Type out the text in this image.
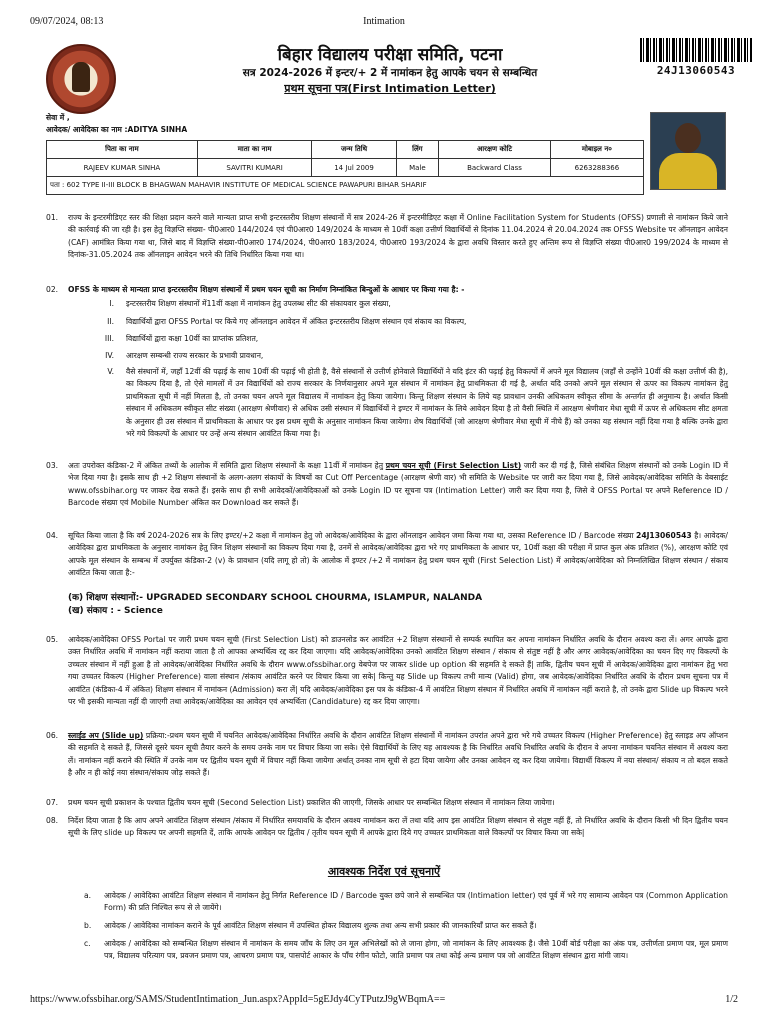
09/07/2024, 08:13	Intimation
बिहार विद्यालय परीक्षा समिति, पटना
सत्र 2024-2026 में इन्टर/+ 2 में नामांकन हेतु आपके चयन से सम्बन्धित
प्रथम सूचना पत्र(First Intimation Letter)
24J13060543
सेवा में ,
आवेदक/ आवेदिका का नाम :ADITYA SINHA
पिता का नाम	माता का नाम	जन्म तिथि	लिंग	आरक्षण कोटि	मोबाइल न०
RAJEEV KUMAR SINHA	SAVITRI KUMARI	14 Jul 2009	Male	Backward Class	6263288366
पता : 602 TYPE II-III BLOCK B BHAGWAN MAHAVIR INSTITUTE OF MEDICAL SCIENCE PAWAPURI BIHAR SHARIF					
01. राज्य के इन्टरमीडिएट स्तर की शिक्षा प्रदान करने वाले मान्यता प्राप्त सभी इन्टरस्तरीय शिक्षण संस्थानों में सत्र 2024-26 में इन्टरमीडिएट कक्षा में Online Facilitation System for Students (OFSS) प्रणाली से नामांकन किये जाने की कार्रवाई की जा रही है। इस हेतु विज्ञप्ति संख्या- पी0आर0 144/2024 एवं पी0आर0 149/2024 के माध्यम से 10वीं कक्षा उत्तीर्ण विद्यार्थियों से दिनांक 11.04.2024 से 20.04.2024 तक OFSS Website पर ऑनलाइन आवेदन (CAF) आमंत्रित किया गया था, जिसे बाद में विज्ञप्ति संख्या-पी0आर0 174/2024, पी0आर0 183/2024, पी0आर0 193/2024 के द्वारा अवधि विस्तार करते हुए अन्तिम रूप से विज्ञप्ति संख्या पी0आर0 199/2024 के माध्यम से दिनांक-31.05.2024 तक ऑनलाइन आवेदन भरने की तिथि निर्धारित किया गया था।
02. OFSS के माध्यम से मान्यता प्राप्त इन्टरस्तरीय शिक्षण संस्थानों में प्रथम चयन सूची का निर्माण निम्नांकित बिन्दुओं के आधार पर किया गया है: -
I. इन्टरस्तरीय शिक्षण संस्थानों में11वीं कक्षा में नामांकन हेतु उपलब्ध सीट की संकायवार कुल संख्या,
II. विद्यार्थियों द्वारा OFSS Portal पर किये गए ऑनलाइन आवेदन में अंकित इन्टरस्तरीय शिक्षण संस्थान एवं संकाय का विकल्प,
III. विद्यार्थियों द्वारा कक्षा 10वीं का प्राप्तांक प्रतिशत,
IV. आरक्षण सम्बन्धी राज्य सरकार के प्रभावी प्रावधान,
V. वैसे संस्थानों में, जहाँ 12वीं की पढ़ाई के साथ 10वीं की पढ़ाई भी होती है, वैसे संस्थानों से उत्तीर्ण होनेवाले विद्यार्थियों ने यदि इंटर की पढ़ाई हेतु विकल्पों में अपने मूल विद्यालय (जहाँ से उन्होंने 10वीं की कक्षा उत्तीर्ण की है), का विकल्प दिया है, तो ऐसे मामलों में उन विद्यार्थियों को राज्य सरकार के निर्णयानुसार अपने मूल संस्थान में नामांकन हेतु प्राथमिकता दी गई है, अर्थात यदि उनको अपने मूल संस्थान से ऊपर का विकल्प नामांकन हेतु प्राथमिकता सूची में नहीं मिलता है, तो उनका चयन अपने मूल विद्यालय में नामांकन हेतु किया जायेगा। किन्तु शिक्षण संस्थान के लिये यह प्रावधान उनकी अधिकतम स्वीकृत सीमा के अन्तर्गत ही अनुमान्य है। अर्थात किसी संस्थान में अधिकतम स्वीकृत सीट संख्या (आरक्षण श्रेणीवार) से अधिक उसी संस्थान में विद्यार्थियों ने इण्टर में नामांकन के लिये आवेदन दिया है तो वैसी स्थिति में आरक्षण श्रेणीवार मेधा सूची में ऊपर से अधिकतम सीट क्षमता के अनुसार ही उस संस्थान में प्राथमिकता के आधार पर इस प्रथम सूची के अनुसार नामांकन किया जायेगा। शेष विद्यार्थियों (जो आरक्षण श्रेणीवार मेधा सूची में नीचे हैं) को उनका यह संस्थान नहीं दिया गया है बल्कि उनके द्वारा भरे गये विकल्पों के आधार पर उन्हें अन्य संस्थान आवंटित किया गया है।
03. अतः उपरोक्त कंडिका-2 में अंकित तथ्यों के आलोक में समिति द्वारा शिक्षण संस्थानों के कक्षा 11वीं में नामांकन हेतु प्रथम चयन सूची (First Selection List) जारी कर दी गई है, जिसे संबंधित शिक्षण संस्थानों को उनके Login ID में भेज दिया गया है। इसके साथ ही +2 शिक्षण संस्थानों के अलग-अलग संकायों के विषयों का Cut Off Percentage (आरक्षण श्रेणी वार) भी समिति के Website पर जारी कर दिया गया है, जिसे आवेदक/आवेदिका समिति के वेबसाईट www.ofssbihar.org पर जाकर देख सकते हैं। इसके साथ ही सभी आवेदकों/आवेदिकाओं को उनके Login ID पर सूचना पत्र (Intimation Letter) जारी कर दिया गया है, जिसे वे OFSS Portal पर अपने Reference ID / Barcode संख्या एवं Mobile Number अंकित कर Download कर सकते हैं।
04. सूचित किया जाता है कि वर्ष 2024-2026 सत्र के लिए इण्टर/+2 कक्षा में नामांकन हेतु जो आवेदक/आवेदिका के द्वारा ऑनलाइन आवेदन जमा किया गया था, उसका Reference ID / Barcode संख्या 24J13060543 है। आवेदक/आवेदिका द्वारा प्राथमिकता के अनुसार नामांकन हेतु जिन शिक्षण संस्थानों का विकल्प दिया गया है, उनमें से आवेदक/आवेदिका द्वारा भरे गए प्राथमिकता के आधार पर, 10वीं कक्षा की परीक्षा में प्राप्त कुल अंक प्रतिशत (%), आरक्षण कोटि एवं आपके मूल संस्थान के सम्बन्ध में उपर्युक्त कंडिका-2 (v) के प्रावधान (यदि लागू हो तो) के आलोक में इण्टर /+2 में नामांकन हेतु प्रथम चयन सूची (First Selection List) में आवेदक/आवेदिका को निम्नलिखित शिक्षण संस्थान / संकाय आवंटित किया जाता है:-
(क) शिक्षण संस्थानों:- UPGRADED SECONDARY SCHOOL CHOURMA, ISLAMPUR, NALANDA
(ख) संकाय : - Science
05. आवेदक/आवेदिका OFSS Portal पर जारी प्रथम चयन सूची (First Selection List) को डाउनलोड कर आवंटित +2 शिक्षण संस्थानों से सम्पर्क स्थापित कर अपना नामांकन निर्धारित अवधि के दौरान अवश्य करा लें। अगर आपके द्वारा उक्त निर्धारित अवधि में नामांकन नहीं कराया जाता है तो आपका अभ्यर्थित्व रद्द कर दिया जाएगा। यदि आवेदक/आवेदिका उनको आवंटित शिक्षण संस्थान / संकाय से संतुष्ट नहीं है और अगर आवेदक/आवेदिका का चयन दिए गए विकल्पों के उच्चतर संस्थान में नहीं हुआ है तो आवेदक/आवेदिका निर्धारित अवधि के दौरान www.ofssbihar.org वेबपेज पर जाकर slide up option की सहमति दे सकते हैं| ताकि, द्वितीय चयन सूची में आवेदक/आवेदिका द्वारा नामांकन हेतु भरा गया उच्चतर विकल्प (Higher Preference) वाला संस्थान /संकाय आवंटित करने पर विचार किया जा सके| किन्तु यह Slide up विकल्प तभी मान्य (Valid) होगा, जब आवेदक/आवेदिका निर्धारित अवधि के दौरान प्रथम सूचना पत्र में आवंटित (कंडिका-4 में अंकित) शिक्षण संस्थान में नामांकन (Admission) करा लें| यदि आवेदक/आवेदिका इस पत्र के कंडिका-4 में आवंटित शिक्षण संस्थान में निर्धारित अवधि में नामांकन नहीं कराते है, तो उनके द्वारा Slide up विकल्प भरने पर भी इसकी मान्यता नहीं दी जाएगी तथा आवेदक/आवेदिका का आवेदन एवं अभ्यर्थिता (Candidature) रद्द कर दिया जाएगा।
06. स्लाईड अप (Slide up) प्रक्रिया:-प्रथम चयन सूची में चयनित आवेदक/आवेदिका निर्धारित अवधि के दौरान आवंटित शिक्षण संस्थानों में नामांकन उपरांत अपने द्वारा भरे गये उच्चतर विकल्प (Higher Preference) हेतु स्लाइड अप ऑप्शन की सहमति दे सकते हैं, जिससे दूसरे चयन सूची तैयार करने के समय उनके नाम पर विचार किया जा सके। ऐसे विद्यार्थियों के लिए यह आवश्यक है कि निर्धारित अवधि निर्धारित अवधि के दौरान वे अपना नामांकन चयनित संस्थान में अवश्य करा लें। नामांकन नहीं कराने की स्थिति में उनके नाम पर द्वितीय चयन सूची में विचार नहीं किया जायेगा अर्थात् उनका नाम सूची से हटा दिया जायेगा और उनका आवेदन रद्द कर दिया जायेगा। विद्यार्थी विकल्प में नया संस्थान/ संकाय न तो बदल सकते है और न ही कोई नया संस्थान/संकाय जोड़ सकते हैं।
07. प्रथम चयन सूची प्रकाशन के पश्चात द्वितीय चयन सूची (Second Selection List) प्रकाशित की जाएगी, जिसके आधार पर सम्बन्धित शिक्षण संस्थान में नामांकन लिया जायेगा।
08. निर्देश दिया जाता है कि आप अपने आवंटित शिक्षण संस्थान /संकाय में निर्धारित समयावधि के दौरान अवश्य नामांकन करा लें तथा यदि आप इस आवंटित शिक्षण संस्थान से संतुष्ट नहीं हैं, तो निर्धारित अवधि के दौरान किसी भी दिन द्वितीय चयन सूची के लिए slide up विकल्प पर अपनी सहमति दें, ताकि आपके आवेदन पर द्वितीय / तृतीय चयन सूची में आपके द्वारा दिये गए उच्चतर प्राथमिकता वाले विकल्पों पर विचार किया जा सके|
आवश्यक निर्देश एवं सूचनाऐं
a. आवेदक / आवेदिका आवंटित शिक्षण संस्थान में नामांकन हेतु निर्गत Reference ID / Barcode युक्त छपे जाने से सम्बन्धित पत्र (Intimation letter) एवं पूर्व में भरे गए सामान्य आवेदन पत्र (Common Application Form) की प्रति निश्चित रूप से ले जायेंगे।
b. आवेदक / आवेदिका नामांकन कराने के पूर्व आवंटित शिक्षण संस्थान में उपस्थित होकर विद्यालय शुल्क तथा अन्य सभी प्रकार की जानकारियाँ प्राप्त कर सकते हैं।
c. आवेदक / आवेदिका को सम्बन्धित शिक्षण संस्थान में नामांकन के समय जाँच के लिए उन मूल अभिलेखों को ले जाना होगा, जो नामांकन के लिए आवश्यक है। जैसे 10वीं बोर्ड परीक्षा का अंक पत्र, उत्तीर्णता प्रमाण पत्र, मूल प्रमाण पत्र, विद्यालय परित्याग पत्र, प्रवजन प्रमाण पत्र, आचरण प्रमाण पत्र, पासपोर्ट आकार के पाँच रंगीन फोटो, जाति प्रमाण पत्र तथा कोई अन्य प्रमाण पत्र जो आवंटित शिक्षण संस्थान द्वारा मांगी जाय।
https://www.ofssbihar.org/SAMS/StudentIntimation_Jun.aspx?AppId=5gEJdy4CyTPutzJ9gWBqmA==	1/2
